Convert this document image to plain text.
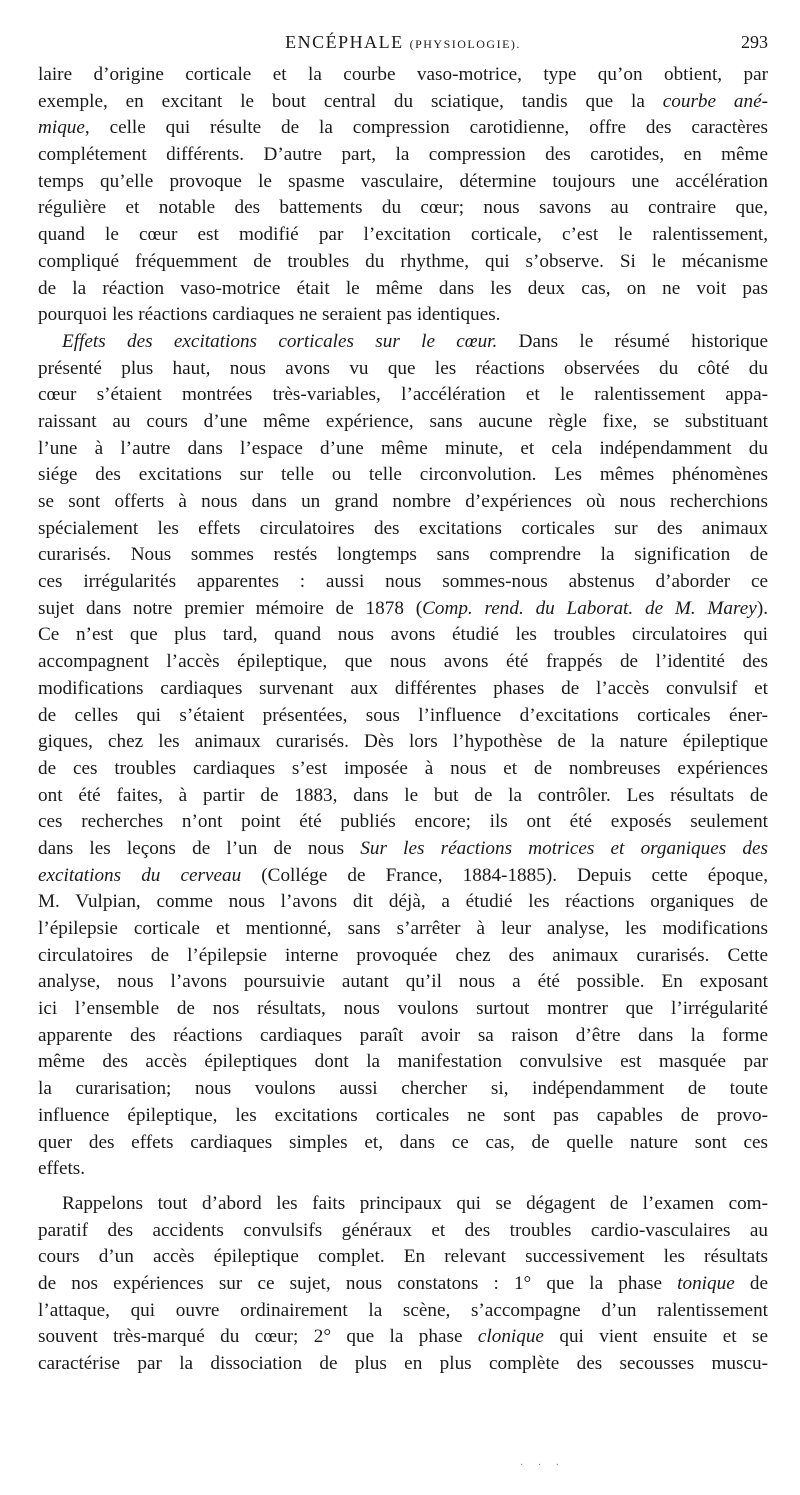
ENCÉPHALE (PHYSIOLOGIE).	293
laire d’origine corticale et la courbe vaso-motrice, type qu’on obtient, par
exemple, en excitant le bout central du sciatique, tandis que la courbe ané-
mique, celle qui résulte de la compression carotidienne, offre des caractères
complétement différents. D’autre part, la compression des carotides, en même
temps qu’elle provoque le spasme vasculaire, détermine toujours une accélération
régulière et notable des battements du cœur; nous savons au contraire que,
quand le cœur est modifié par l’excitation corticale, c’est le ralentissement,
compliqué fréquemment de troubles du rhythme, qui s’observe. Si le mécanisme
de la réaction vaso-motrice était le même dans les deux cas, on ne voit pas
pourquoi les réactions cardiaques ne seraient pas identiques.
Effets des excitations corticales sur le cœur. Dans le résumé historique
présenté plus haut, nous avons vu que les réactions observées du côté du
cœur s’étaient montrées très-variables, l’accélération et le ralentissement appa-
raissant au cours d’une même expérience, sans aucune règle fixe, se substituant
l’une à l’autre dans l’espace d’une même minute, et cela indépendamment du
siége des excitations sur telle ou telle circonvolution. Les mêmes phénomènes
se sont offerts à nous dans un grand nombre d’expériences où nous recherchions
spécialement les effets circulatoires des excitations corticales sur des animaux
curarisés. Nous sommes restés longtemps sans comprendre la signification de
ces irrégularités apparentes : aussi nous sommes-nous abstenus d’aborder ce
sujet dans notre premier mémoire de 1878 (Comp. rend. du Laborat. de M. Marey).
Ce n’est que plus tard, quand nous avons étudié les troubles circulatoires qui
accompagnent l’accès épileptique, que nous avons été frappés de l’identité des
modifications cardiaques survenant aux différentes phases de l’accès convulsif et
de celles qui s’étaient présentées, sous l’influence d’excitations corticales éner-
giques, chez les animaux curarisés. Dès lors l’hypothèse de la nature épileptique
de ces troubles cardiaques s’est imposée à nous et de nombreuses expériences
ont été faites, à partir de 1883, dans le but de la contrôler. Les résultats de
ces recherches n’ont point été publiés encore; ils ont été exposés seulement
dans les leçons de l’un de nous Sur les réactions motrices et organiques des
excitations du cerveau (Collége de France, 1884-1885). Depuis cette époque,
M. Vulpian, comme nous l’avons dit déjà, a étudié les réactions organiques de
l’épilepsie corticale et mentionné, sans s’arrêter à leur analyse, les modifications
circulatoires de l’épilepsie interne provoquée chez des animaux curarisés. Cette
analyse, nous l’avons poursuivie autant qu’il nous a été possible. En exposant
ici l’ensemble de nos résultats, nous voulons surtout montrer que l’irrégularité
apparente des réactions cardiaques paraît avoir sa raison d’être dans la forme
même des accès épileptiques dont la manifestation convulsive est masquée par
la curarisation; nous voulons aussi chercher si, indépendamment de toute
influence épileptique, les excitations corticales ne sont pas capables de provo-
quer des effets cardiaques simples et, dans ce cas, de quelle nature sont ces
effets.
Rappelons tout d’abord les faits principaux qui se dégagent de l’examen com-
paratif des accidents convulsifs généraux et des troubles cardio-vasculaires au
cours d’un accès épileptique complet. En relevant successivement les résultats
de nos expériences sur ce sujet, nous constatons : 1° que la phase tonique de
l’attaque, qui ouvre ordinairement la scène, s’accompagne d’un ralentissement
souvent très-marqué du cœur; 2° que la phase clonique qui vient ensuite et se
caractérise par la dissociation de plus en plus complète des secousses muscu-
· · ·
